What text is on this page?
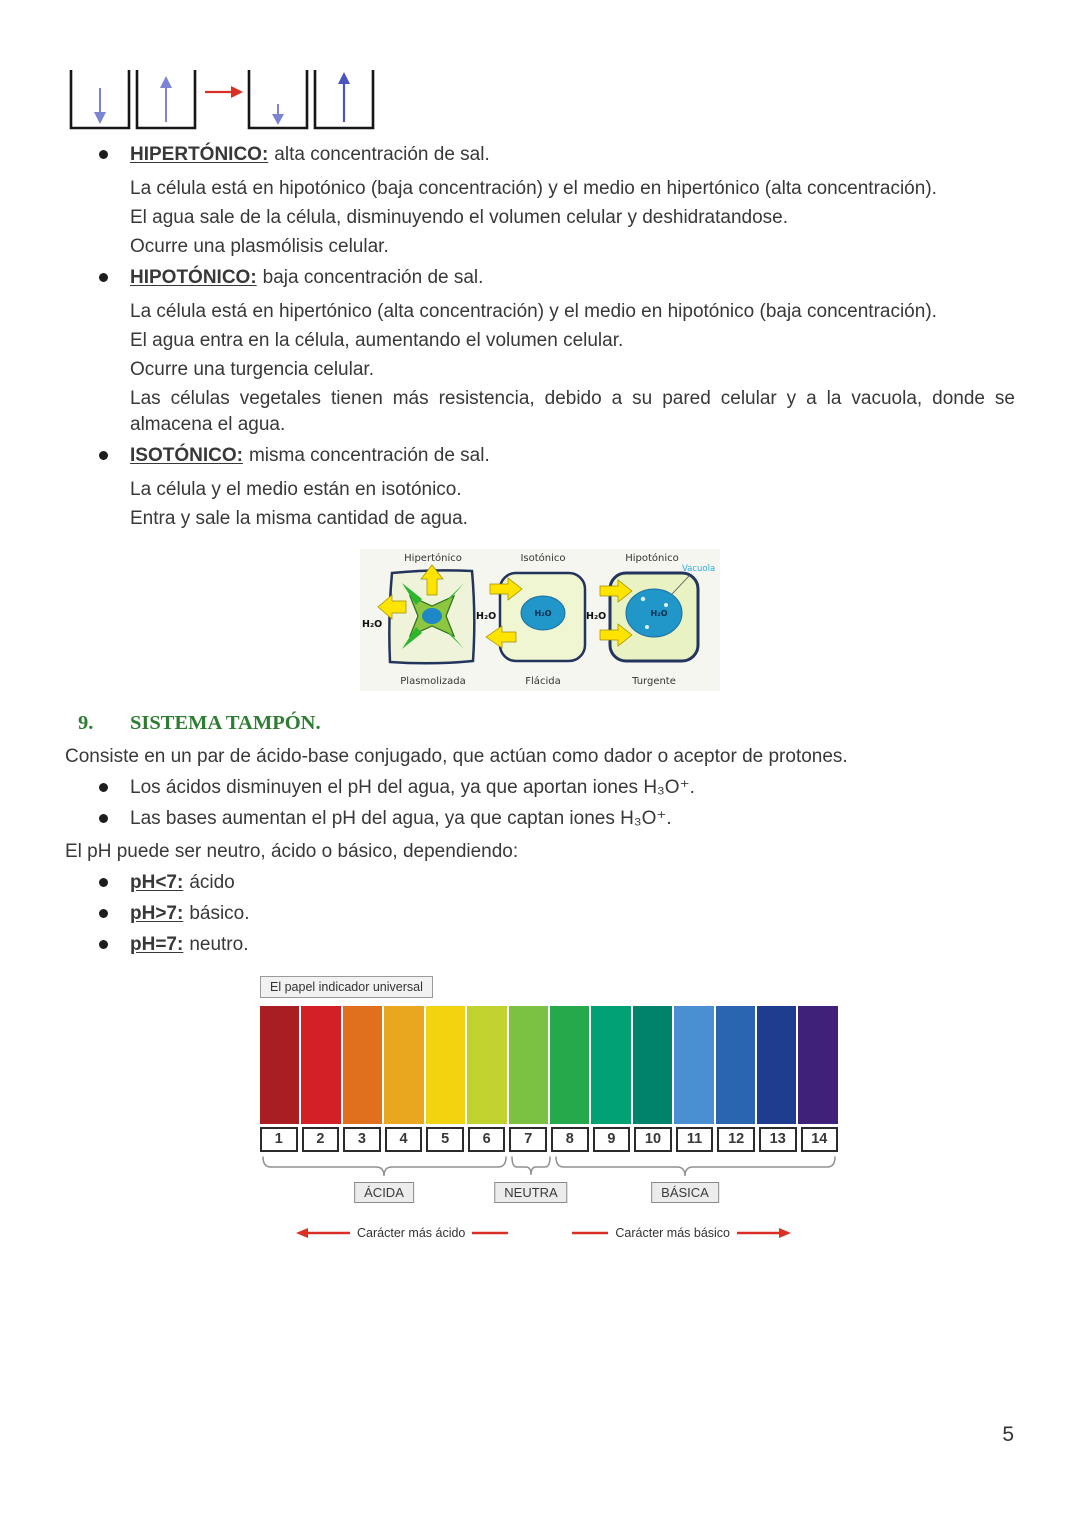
HIPERTÓNICO: alta concentración de sal.

La célula está en hipotónico (baja concentración) y el medio en hipertónico (alta concentración).

El agua sale de la célula, disminuyendo el volumen celular y deshidratandose.

Ocurre una plasmólisis celular.

HIPOTÓNICO: baja concentración de sal.

La célula está en hipertónico (alta concentración) y el medio en hipotónico (baja concentración).

El agua entra en la célula, aumentando el volumen celular.

Ocurre una turgencia celular.

Las células vegetales tienen más resistencia, debido a su pared celular y a la vacuola, donde se almacena el agua.

ISOTÓNICO: misma concentración de sal.

La célula y el medio están en isotónico.

Entra y sale la misma cantidad de agua.

Hipertónico	Isotónico	Hipotónico
H₂O
H₂O	H₂O	H₂O	H₂O
Vacuola
Plasmolizada	Flácida	Turgente
9.	SISTEMA TAMPÓN.

Consiste en un par de ácido-base conjugado, que actúan como dador o aceptor de protones.

Los ácidos disminuyen el pH del agua, ya que aportan iones H₃O⁺.
Las bases aumentan el pH del agua, ya que captan iones H₃O⁺.

El pH puede ser neutro, ácido o básico, dependiendo:

pH<7: ácido
pH>7: básico.
pH=7: neutro.
El papel indicador universal
1	2	3	4	5	6	7	8	9	10	11	12	13	14
ÁCIDA	NEUTRA	BÁSICA
Carácter más ácido	Carácter más básico
5
